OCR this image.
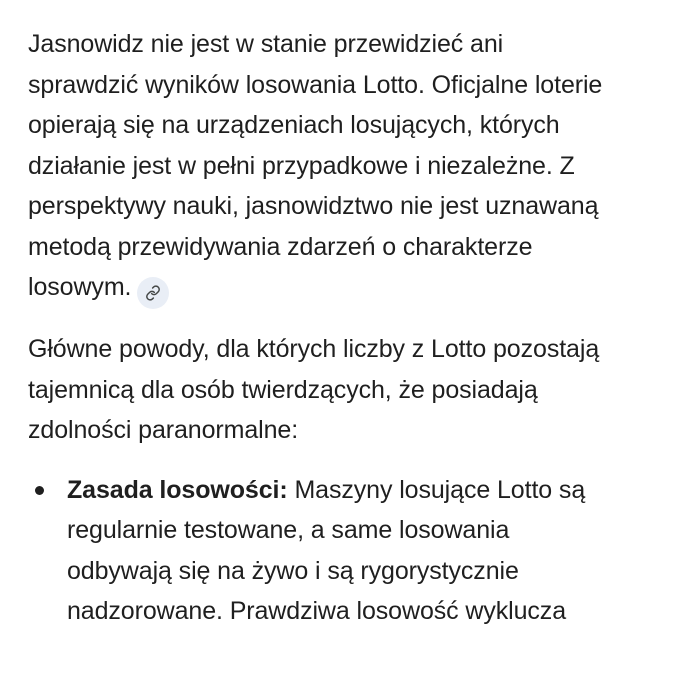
Jasnowidz nie jest w stanie przewidzieć ani
sprawdzić wyników losowania Lotto. Oficjalne loterie
opierają się na urządzeniach losujących, których
działanie jest w pełni przypadkowe i niezależne. Z
perspektywy nauki, jasnowidztwo nie jest uznawaną
metodą przewidywania zdarzeń o charakterze
losowym.

Główne powody, dla których liczby z Lotto pozostają
tajemnicą dla osób twierdzących, że posiadają
zdolności paranormalne:

Zasada losowości: Maszyny losujące Lotto są
regularnie testowane, a same losowania
odbywają się na żywo i są rygorystycznie
nadzorowane. Prawdziwa losowość wyklucza
